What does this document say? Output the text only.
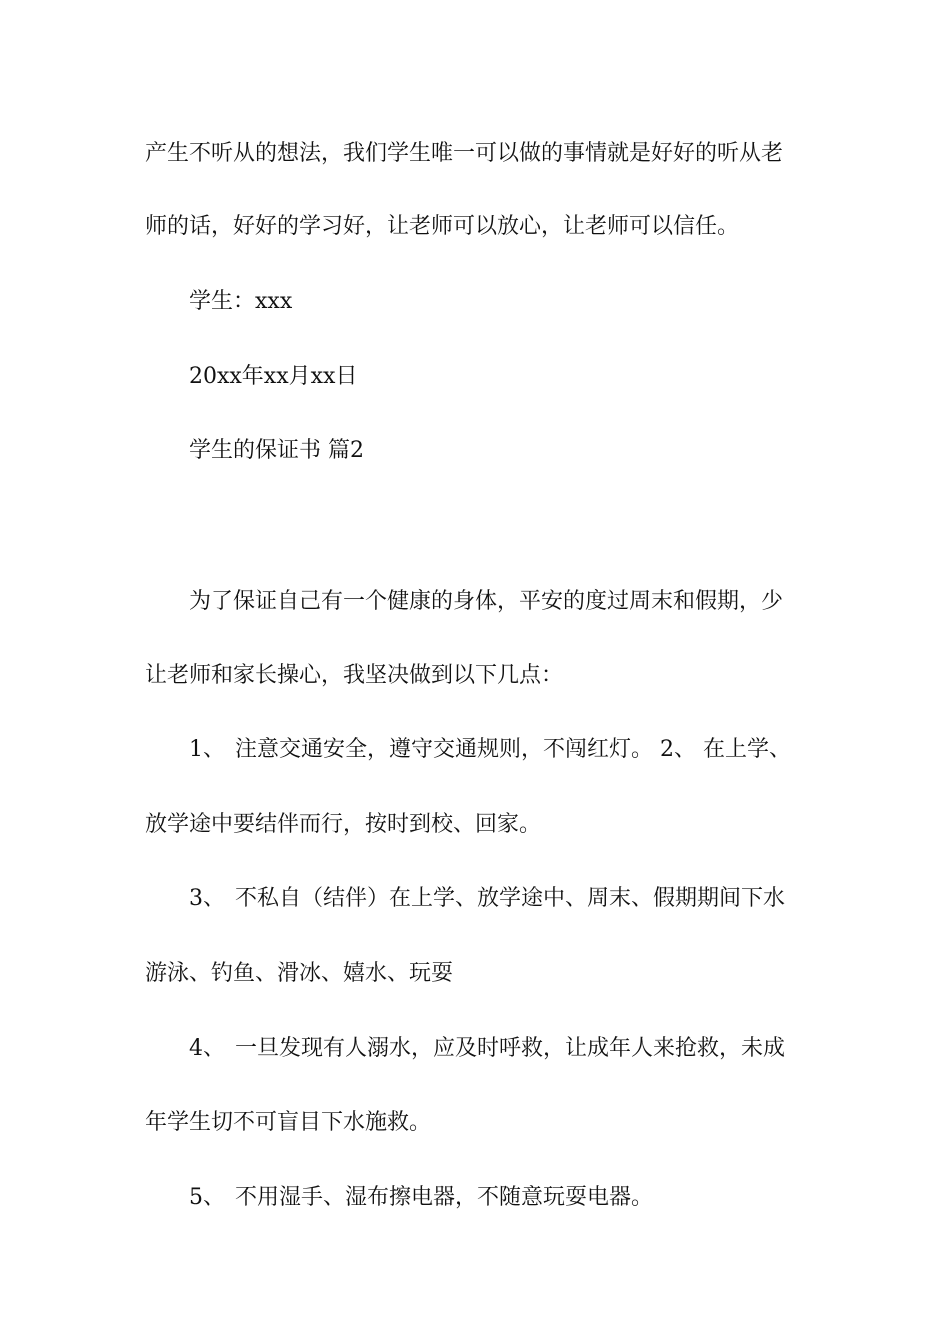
产生不听从的想法，我们学生唯一可以做的事情就是好好的听从老
师的话，好好的学习好，让老师可以放心，让老师可以信任。
学生：xxx
20xx年xx月xx日
学生的保证书 篇2
为了保证自己有一个健康的身体，平安的度过周末和假期，少
让老师和家长操心，我坚决做到以下几点：
1、 注意交通安全，遵守交通规则，不闯红灯。 2、 在上学、
放学途中要结伴而行，按时到校、回家。
3、 不私自（结伴）在上学、放学途中、周末、假期期间下水
游泳、钓鱼、滑冰、嬉水、玩耍
4、 一旦发现有人溺水，应及时呼救，让成年人来抢救，未成
年学生切不可盲目下水施救。
5、 不用湿手、湿布擦电器，不随意玩耍电器。
